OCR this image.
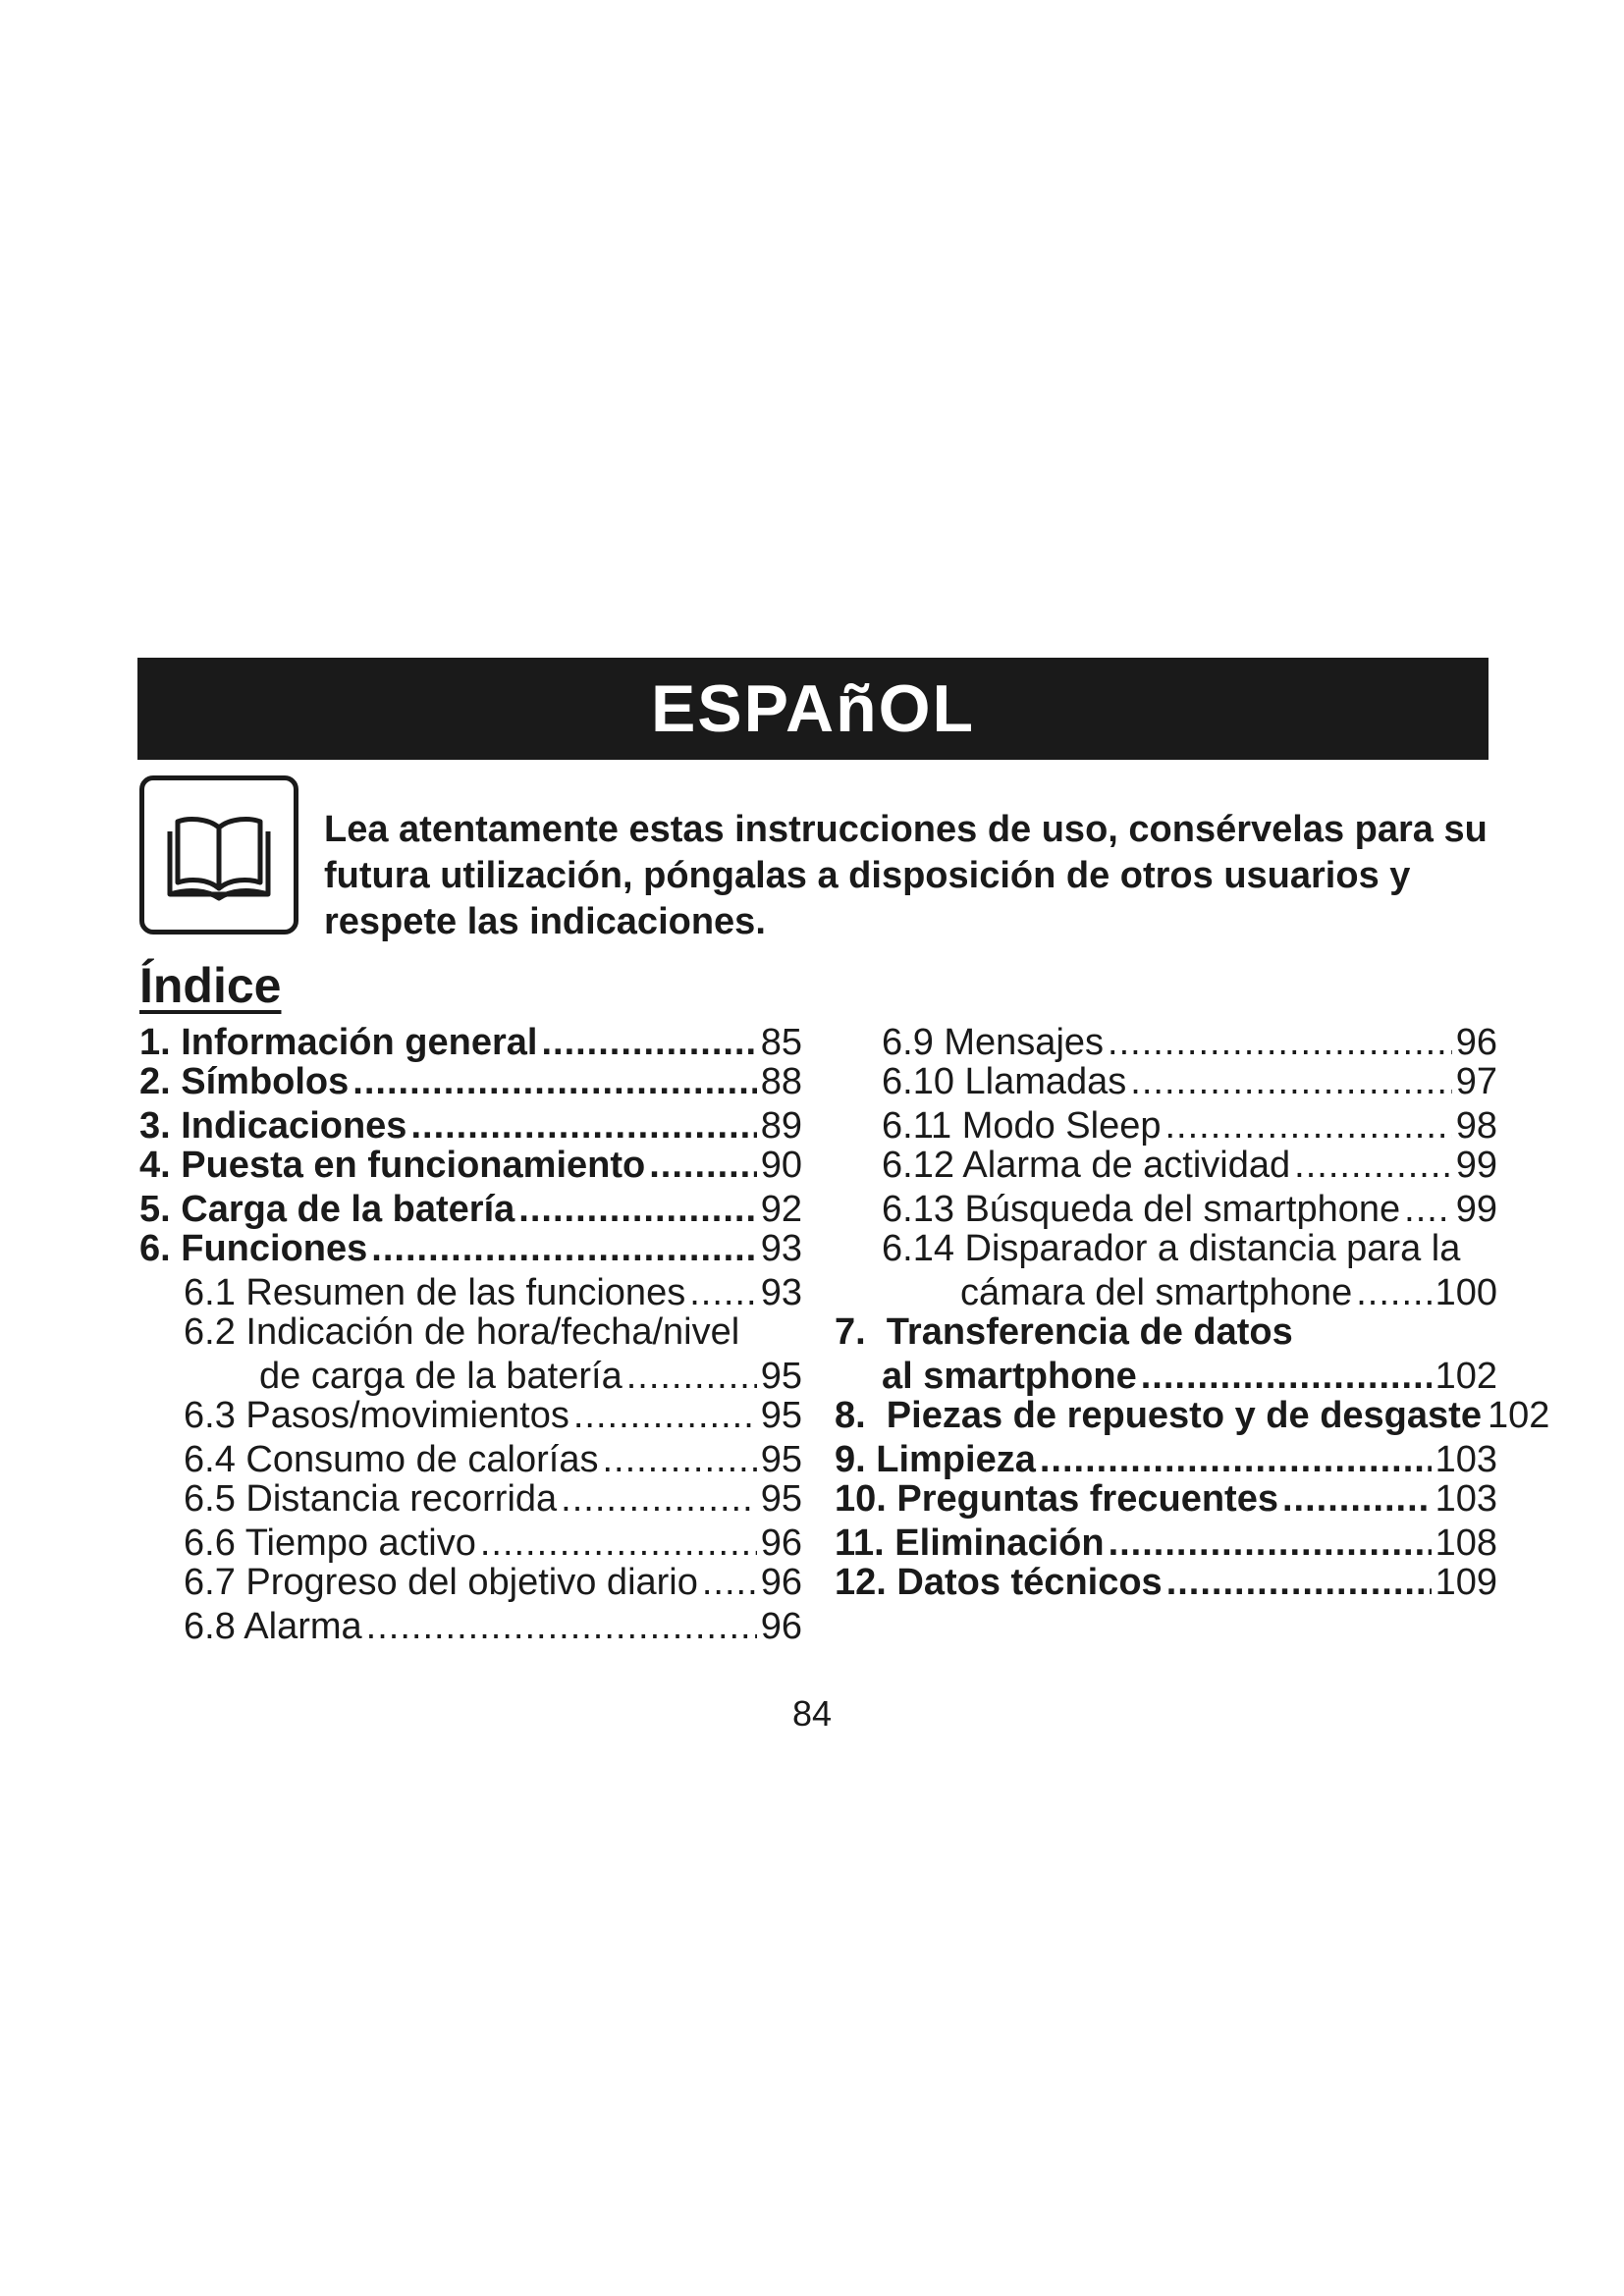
ESPAñOL
Lea atentamente estas instrucciones de uso, consérvelas para su futura utilización, póngalas a disposición de otros usuarios y respete las indicaciones.
Índice
1. Información general .....	85
2. Símbolos .....	88
3. Indicaciones .....	89
4. Puesta en funcionamiento .....	90
5. Carga de la batería .....	92
6. Funciones .....	93
6.1 Resumen de las funciones ..... 93
6.2 Indicación de hora/fecha/nivel
de carga de la batería .....	95
6.3 Pasos/movimientos .....	95
6.4 Consumo de calorías .....	95
6.5 Distancia recorrida .....	95
6.6 Tiempo activo .....	96
6.7 Progreso del objetivo diario ..... 96
6.8 Alarma .....	96
6.9 Mensajes .....	96
6.10 Llamadas .....	97
6.11 Modo Sleep .....	98
6.12 Alarma de actividad .....	99
6.13 Búsqueda del smartphone ..... 99
6.14 Disparador a distancia para la
cámara del smartphone ..... 100
7.  Transferencia de datos
al smartphone .....	102
8.  Piezas de repuesto y de desgaste 102
9. Limpieza .....	103
10. Preguntas frecuentes .....	103
11. Eliminación .....	108
12. Datos técnicos .....	109
84
